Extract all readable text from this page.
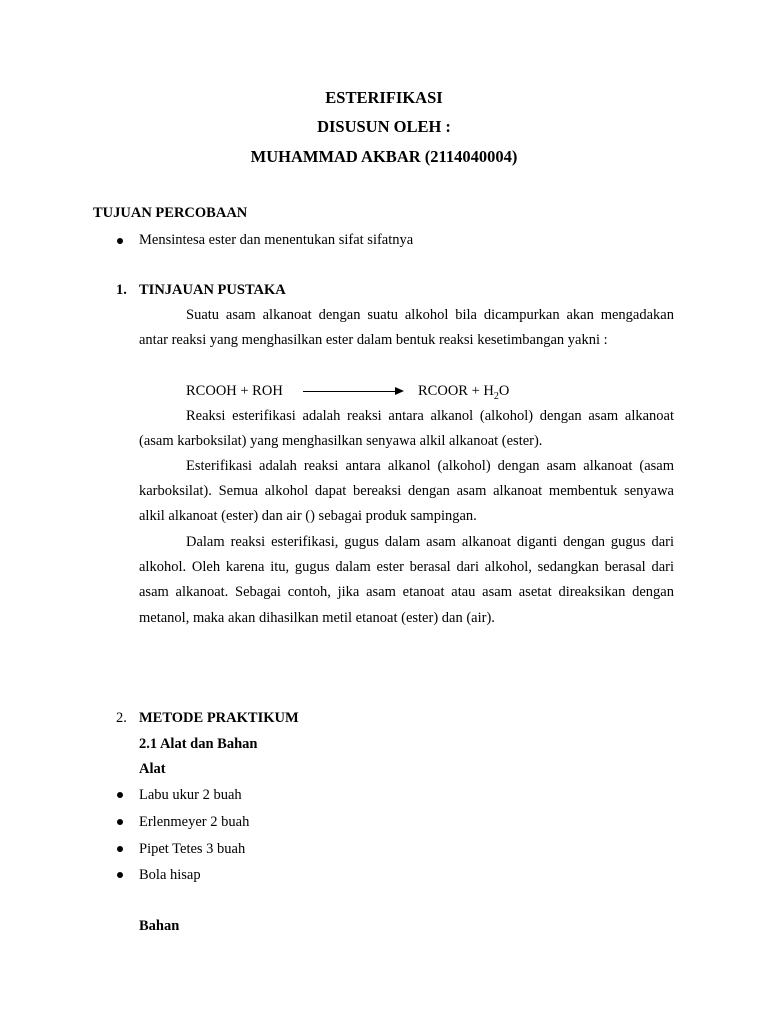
ESTERIFIKASI
DISUSUN OLEH :
MUHAMMAD AKBAR (2114040004)
TUJUAN PERCOBAAN
Mensintesa ester dan menentukan sifat sifatnya
1. TINJAUAN PUSTAKA
Suatu asam alkanoat dengan suatu alkohol bila dicampurkan akan mengadakan antar reaksi yang menghasilkan ester dalam bentuk reaksi kesetimbangan yakni :
RCOOH + ROH	RCOOR + $H_2O$
Reaksi esterifikasi adalah reaksi antara alkanol (alkohol) dengan asam alkanoat (asam karboksilat) yang menghasilkan senyawa alkil alkanoat (ester).
Esterifikasi adalah reaksi antara alkanol (alkohol) dengan asam alkanoat (asam karboksilat). Semua alkohol dapat bereaksi dengan asam alkanoat membentuk senyawa alkil alkanoat (ester) dan air () sebagai produk sampingan.
Dalam reaksi esterifikasi, gugus dalam asam alkanoat diganti dengan gugus dari alkohol. Oleh karena itu, gugus dalam ester berasal dari alkohol, sedangkan berasal dari asam alkanoat. Sebagai contoh, jika asam etanoat atau asam asetat direaksikan dengan metanol, maka akan dihasilkan metil etanoat (ester) dan (air).
2. METODE PRAKTIKUM
2.1 Alat dan Bahan
Alat
Labu ukur 2 buah
Erlenmeyer 2 buah
Pipet Tetes 3 buah
Bola hisap
Bahan
